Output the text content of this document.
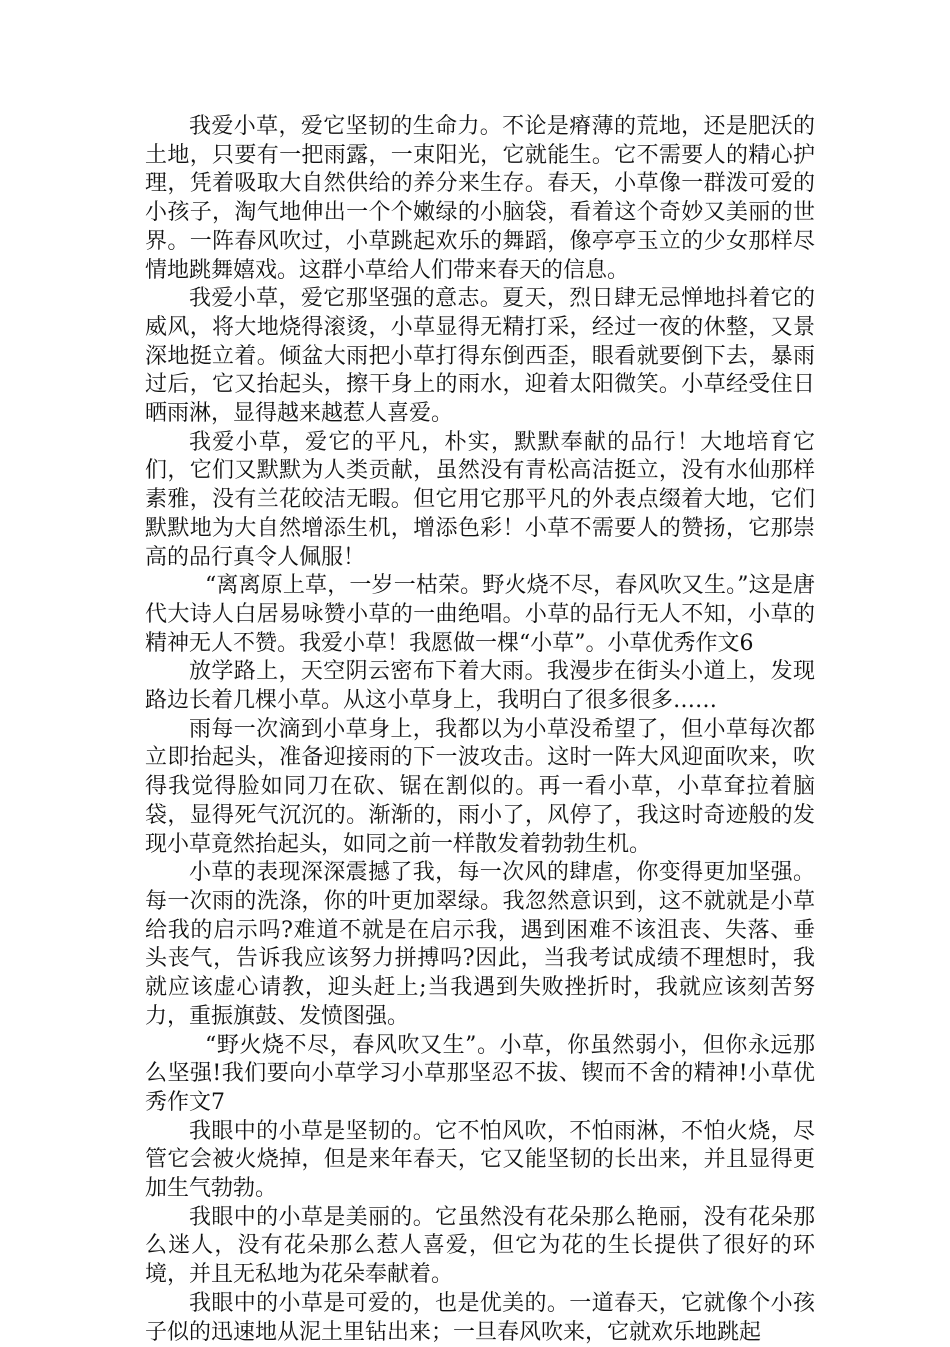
我爱小草，爱它坚韧的生命力。不论是瘠薄的荒地，还是肥沃的土地，只要有一把雨露，一束阳光，它就能生。它不需要人的精心护理，凭着吸取大自然供给的养分来生存。春天，小草像一群泼可爱的小孩子，淘气地伸出一个个嫩绿的小脑袋，看着这个奇妙又美丽的世界。一阵春风吹过，小草跳起欢乐的舞蹈，像亭亭玉立的少女那样尽情地跳舞嬉戏。这群小草给人们带来春天的信息。

我爱小草，爱它那坚强的意志。夏天，烈日肆无忌惮地抖着它的威风，将大地烧得滚烫，小草显得无精打采，经过一夜的休整，又景深地挺立着。倾盆大雨把小草打得东倒西歪，眼看就要倒下去，暴雨过后，它又抬起头，擦干身上的雨水，迎着太阳微笑。小草经受住日晒雨淋，显得越来越惹人喜爱。

我爱小草，爱它的平凡，朴实，默默奉献的品行！大地培育它们，它们又默默为人类贡献，虽然没有青松高洁挺立，没有水仙那样素雅，没有兰花皎洁无暇。但它用它那平凡的外表点缀着大地，它们默默地为大自然增添生机，增添色彩！小草不需要人的赞扬，它那崇高的品行真令人佩服！

“离离原上草，一岁一枯荣。野火烧不尽，春风吹又生。”这是唐代大诗人白居易咏赞小草的一曲绝唱。小草的品行无人不知，小草的精神无人不赞。我爱小草！我愿做一棵“小草”。小草优秀作文6

放学路上，天空阴云密布下着大雨。我漫步在街头小道上，发现路边长着几棵小草。从这小草身上，我明白了很多很多……

雨每一次滴到小草身上，我都以为小草没希望了，但小草每次都立即抬起头，准备迎接雨的下一波攻击。这时一阵大风迎面吹来，吹得我觉得脸如同刀在砍、锯在割似的。再一看小草，小草耷拉着脑袋，显得死气沉沉的。渐渐的，雨小了，风停了，我这时奇迹般的发现小草竟然抬起头，如同之前一样散发着勃勃生机。

小草的表现深深震撼了我，每一次风的肆虐，你变得更加坚强。每一次雨的洗涤，你的叶更加翠绿。我忽然意识到，这不就就是小草给我的启示吗?难道不就是在启示我，遇到困难不该沮丧、失落、垂头丧气，告诉我应该努力拼搏吗?因此，当我考试成绩不理想时，我就应该虚心请教，迎头赶上;当我遇到失败挫折时，我就应该刻苦努力，重振旗鼓、发愤图强。

“野火烧不尽，春风吹又生”。小草，你虽然弱小，但你永远那么坚强!我们要向小草学习小草那坚忍不拔、锲而不舍的精神!小草优秀作文7

我眼中的小草是坚韧的。它不怕风吹，不怕雨淋，不怕火烧，尽管它会被火烧掉，但是来年春天，它又能坚韧的长出来，并且显得更加生气勃勃。

我眼中的小草是美丽的。它虽然没有花朵那么艳丽，没有花朵那么迷人，没有花朵那么惹人喜爱，但它为花的生长提供了很好的环境，并且无私地为花朵奉献着。

我眼中的小草是可爱的，也是优美的。一道春天，它就像个小孩子似的迅速地从泥土里钻出来；一旦春风吹来，它就欢乐地跳起
